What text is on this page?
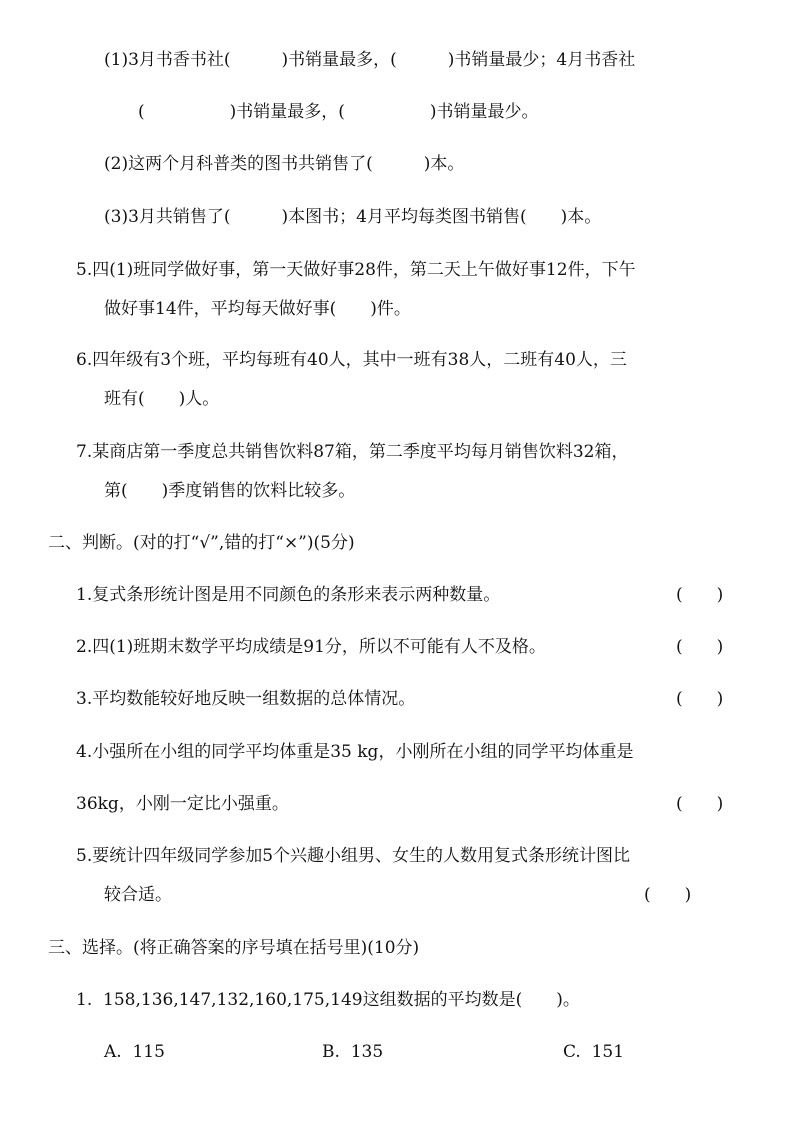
(1)3月书香书社(　　　)书销量最多，(　　　)书销量最少；4月书香社
(　　　　　)书销量最多，(　　　　　)书销量最少。
(2)这两个月科普类的图书共销售了(　　　)本。
(3)3月共销售了(　　　)本图书；4月平均每类图书销售(　　)本。
5.四(1)班同学做好事，第一天做好事28件，第二天上午做好事12件，下午
做好事14件，平均每天做好事(　　)件。
6.四年级有3个班，平均每班有40人，其中一班有38人，二班有40人，三
班有(　　)人。
7.某商店第一季度总共销售饮料87箱，第二季度平均每月销售饮料32箱，
第(　　)季度销售的饮料比较多。
二、判断。(对的打“√”,错的打“×”)(5分)
1.复式条形统计图是用不同颜色的条形来表示两种数量。	(　　)
2.四(1)班期末数学平均成绩是91分，所以不可能有人不及格。	(　　)
3.平均数能较好地反映一组数据的总体情况。	(　　)
4.小强所在小组的同学平均体重是35 kg，小刚所在小组的同学平均体重是
36kg，小刚一定比小强重。	(　　)
5.要统计四年级同学参加5个兴趣小组男、女生的人数用复式条形统计图比
较合适。	(　　)
三、选择。(将正确答案的序号填在括号里)(10分)
1.  158,136,147,132,160,175,149这组数据的平均数是(　　)。
A.  115	B.  135	C.  151
